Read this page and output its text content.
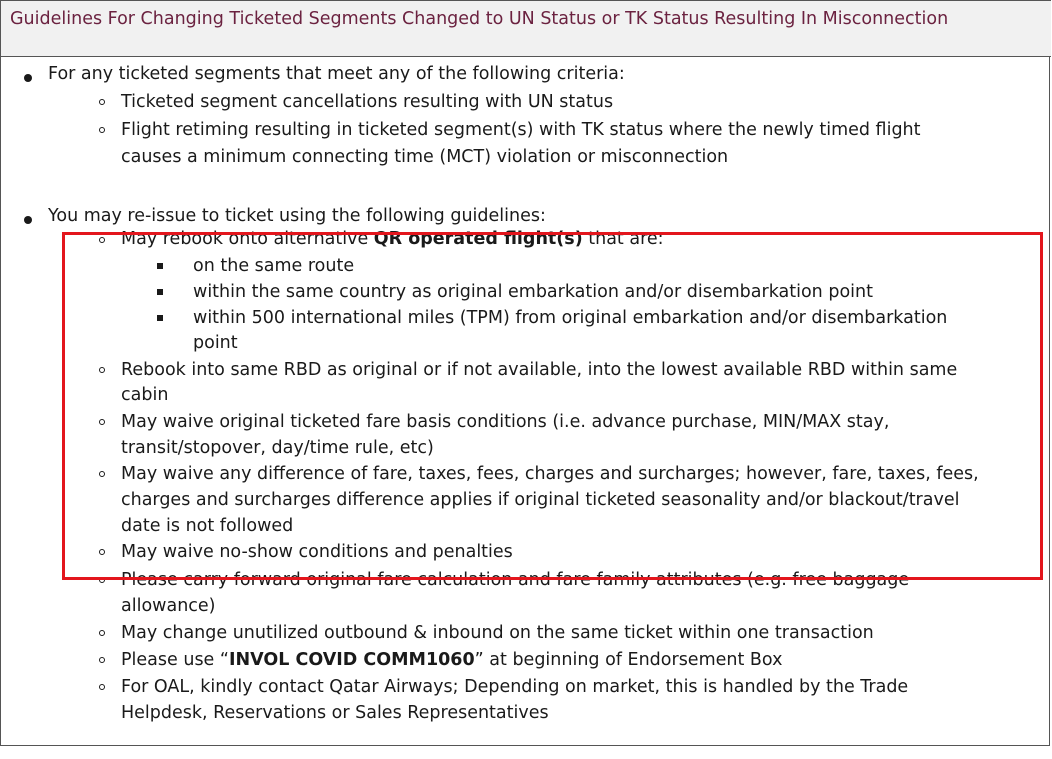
Guidelines For Changing Ticketed Segments Changed to UN Status or TK Status Resulting In Misconnection
For any ticketed segments that meet any of the following criteria:
Ticketed segment cancellations resulting with UN status
Flight retiming resulting in ticketed segment(s) with TK status where the newly timed flight
causes a minimum connecting time (MCT) violation or misconnection
You may re-issue to ticket using the following guidelines:
May rebook onto alternative QR operated flight(s) that are:
on the same route
within the same country as original embarkation and/or disembarkation point
within 500 international miles (TPM) from original embarkation and/or disembarkation
point
Rebook into same RBD as original or if not available, into the lowest available RBD within same
cabin
May waive original ticketed fare basis conditions (i.e. advance purchase, MIN/MAX stay,
transit/stopover, day/time rule, etc)
May waive any difference of fare, taxes, fees, charges and surcharges; however, fare, taxes, fees,
charges and surcharges difference applies if original ticketed seasonality and/or blackout/travel
date is not followed
May waive no-show conditions and penalties
Please carry forward original fare calculation and fare family attributes (e.g. free baggage
allowance)
May change unutilized outbound & inbound on the same ticket within one transaction
Please use “INVOL COVID COMM1060” at beginning of Endorsement Box
For OAL, kindly contact Qatar Airways; Depending on market, this is handled by the Trade
Helpdesk, Reservations or Sales Representatives
